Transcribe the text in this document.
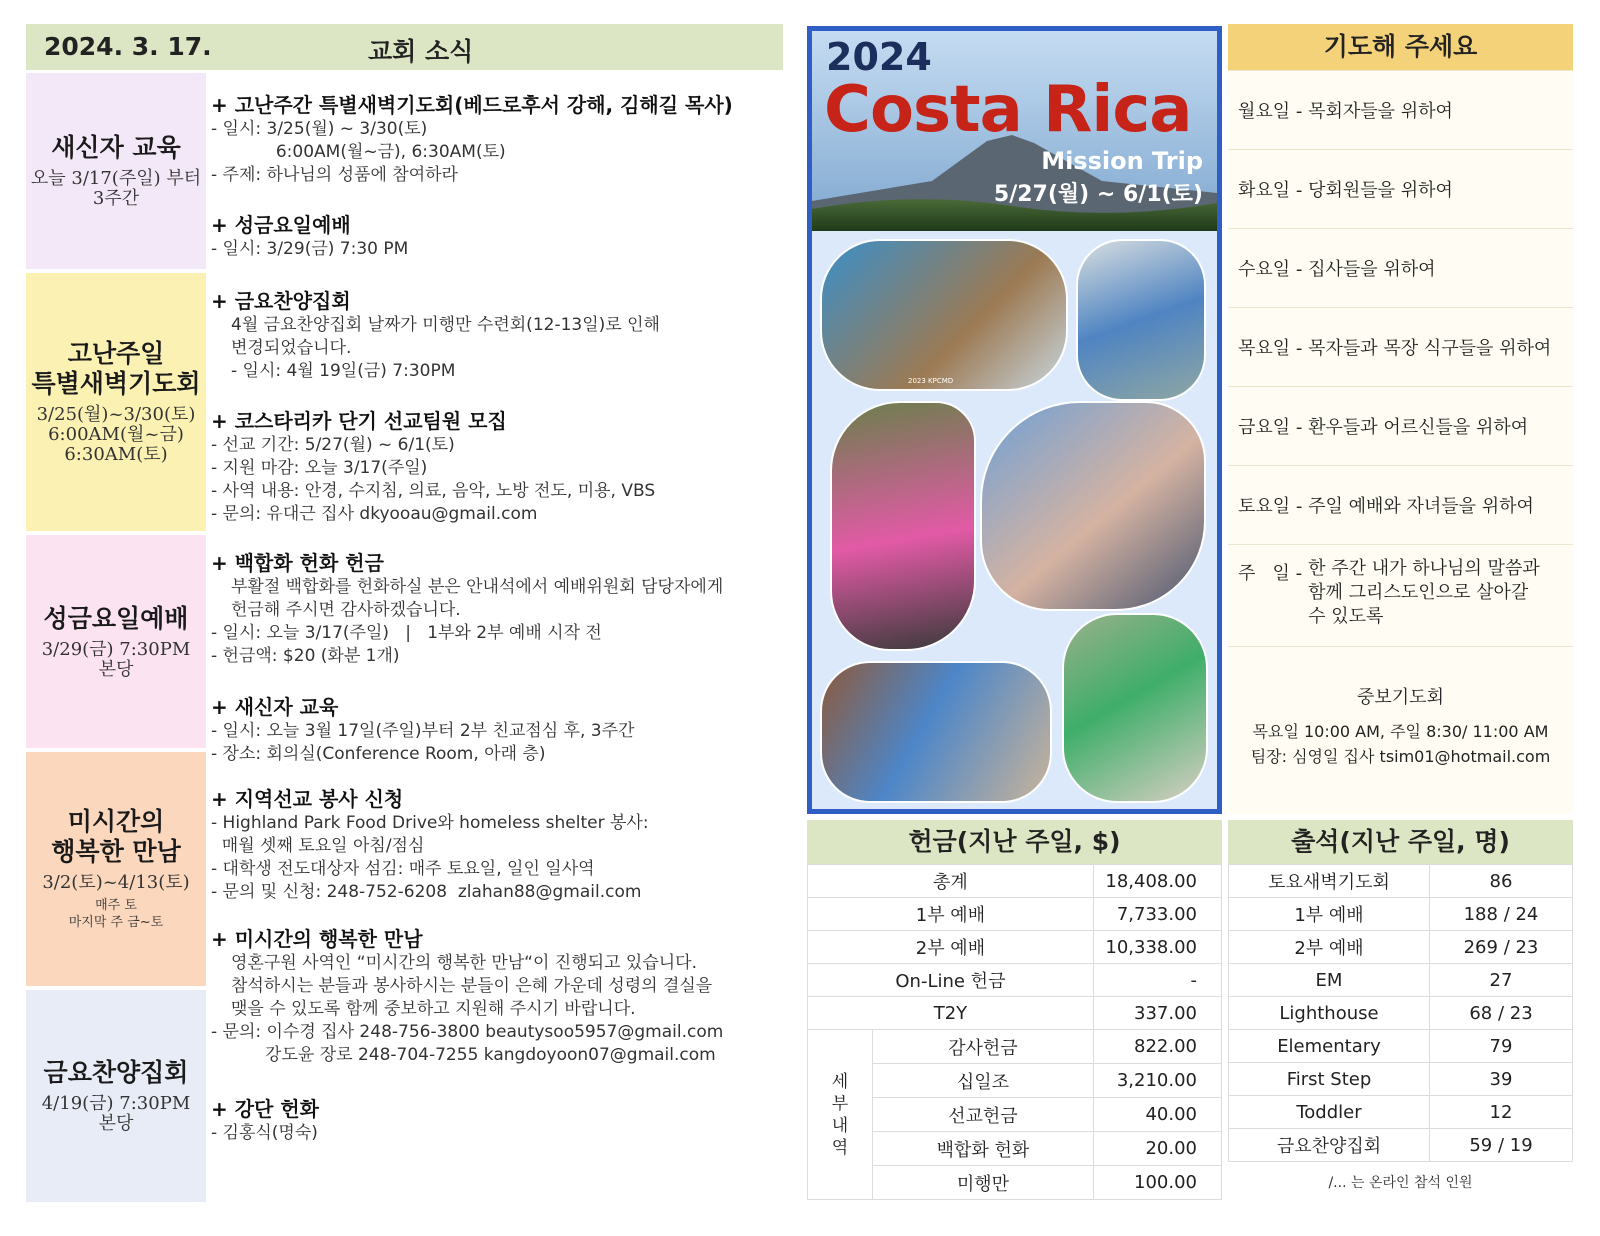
2024. 3. 17.	교회 소식
새신자 교육
오늘 3/17(주일) 부터
3주간
고난주일
특별새벽기도회
3/25(월)~3/30(토)
6:00AM(월~금)
6:30AM(토)
성금요일예배
3/29(금) 7:30PM
본당
미시간의
행복한 만남
3/2(토)~4/13(토)
매주 토
마지막 주 금~토
금요찬양집회
4/19(금) 7:30PM
본당
+ 고난주간 특별새벽기도회(베드로후서 강해, 김해길 목사)
- 일시: 3/25(월) ~ 3/30(토)
6:00AM(월~금), 6:30AM(토)
- 주제: 하나님의 성품에 참여하라
+ 성금요일예배
- 일시: 3/29(금) 7:30 PM
+ 금요찬양집회
4월 금요찬양집회 날짜가 미행만 수련회(12-13일)로 인해
변경되었습니다.
- 일시: 4월 19일(금) 7:30PM
+ 코스타리카 단기 선교팀원 모집
- 선교 기간: 5/27(월) ~ 6/1(토)
- 지원 마감: 오늘 3/17(주일)
- 사역 내용: 안경, 수지침, 의료, 음악, 노방 전도, 미용, VBS
- 문의: 유대근 집사 dkyooau@gmail.com
+ 백합화 헌화 헌금
부활절 백합화를 헌화하실 분은 안내석에서 예배위원회 담당자에게
헌금해 주시면 감사하겠습니다.
- 일시: 오늘 3/17(주일)   |   1부와 2부 예배 시작 전
- 헌금액: $20 (화분 1개)
+ 새신자 교육
- 일시: 오늘 3월 17일(주일)부터 2부 친교점심 후, 3주간
- 장소: 회의실(Conference Room, 아래 층)
+ 지역선교 봉사 신청
- Highland Park Food Drive와 homeless shelter 봉사:
매월 셋째 토요일 아침/점심
- 대학생 전도대상자 섬김: 매주 토요일, 일인 일사역
- 문의 및 신청: 248-752-6208  zlahan88@gmail.com
+ 미시간의 행복한 만남
영혼구원 사역인 “미시간의 행복한 만남“이 진행되고 있습니다.
참석하시는 분들과 봉사하시는 분들이 은혜 가운데 성령의 결실을
맺을 수 있도록 함께 중보하고 지원해 주시기 바랍니다.
- 문의: 이수경 집사 248-756-3800 beautysoo5957@gmail.com
강도윤 장로 248-704-7255 kangdoyoon07@gmail.com
+ 강단 헌화
- 김홍식(명숙)
2024
Costa Rica
Mission Trip
5/27(월) ~ 6/1(토)
2023 KPCMD
기도해 주세요
월요일 - 목회자들을 위하여
화요일 - 당회원들을 위하여
수요일 - 집사들을 위하여
목요일 - 목자들과 목장 식구들을 위하여
금요일 - 환우들과 어르신들을 위하여
토요일 - 주일 예배와 자녀들을 위하여
주   일 - 한 주간 내가 하나님의 말씀과
함께 그리스도인으로 살아갈
수 있도록
중보기도회
목요일 10:00 AM, 주일 8:30/ 11:00 AM
팀장: 심영일 집사 tsim01@hotmail.com
헌금(지난 주일, $)
총계		18,408.00
1부 예배		7,733.00
2부 예배		10,338.00
On-Line 헌금		-
T2Y		337.00
세
부
내
역	감사헌금	822.00
	십일조	3,210.00
	선교헌금	40.00
	백합화 헌화	20.00
	미행만	100.00
출석(지난 주일, 명)
토요새벽기도회	86
1부 예배	188 / 24
2부 예배	269 / 23
EM	27
Lighthouse	68 / 23
Elementary	79
First Step	39
Toddler	12
금요찬양집회	59 / 19
/... 는 온라인 참석 인원
